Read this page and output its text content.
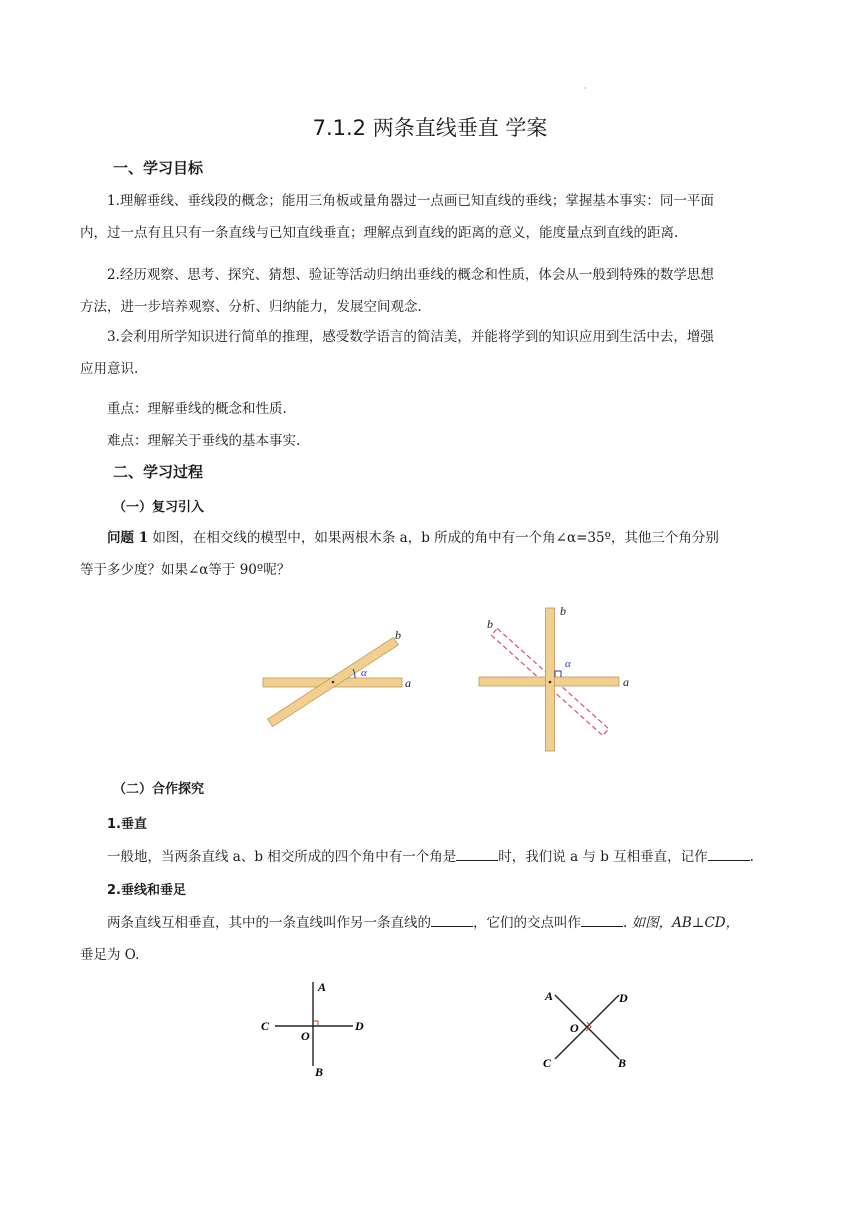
·
7.1.2 两条直线垂直 学案
一、学习目标
1.理解垂线、垂线段的概念；能用三角板或量角器过一点画已知直线的垂线；掌握基本事实：同一平面
内，过一点有且只有一条直线与已知直线垂直；理解点到直线的距离的意义，能度量点到直线的距离.
2.经历观察、思考、探究、猜想、验证等活动归纳出垂线的概念和性质，体会从一般到特殊的数学思想
方法，进一步培养观察、分析、归纳能力，发展空间观念.
3.会利用所学知识进行简单的推理，感受数学语言的简洁美，并能将学到的知识应用到生活中去，增强
应用意识.
重点：理解垂线的概念和性质.
难点：理解关于垂线的基本事实.
二、学习过程
（一）复习引入
问题 1 如图，在相交线的模型中，如果两根木条 a，b 所成的角中有一个角∠α=35º，其他三个角分别
等于多少度？如果∠α等于 90º呢？
α
a
b
α
a
b
b
（二）合作探究
1.垂直
一般地，当两条直线 a、b 相交所成的四个角中有一个角是	时，我们说 a 与 b 互相垂直，记作	.
2.垂线和垂足
两条直线互相垂直，其中的一条直线叫作另一条直线的	，它们的交点叫作	. 如图，AB⊥CD，
垂足为 O.
A
B
C	D
O
A
B
C
D
O
